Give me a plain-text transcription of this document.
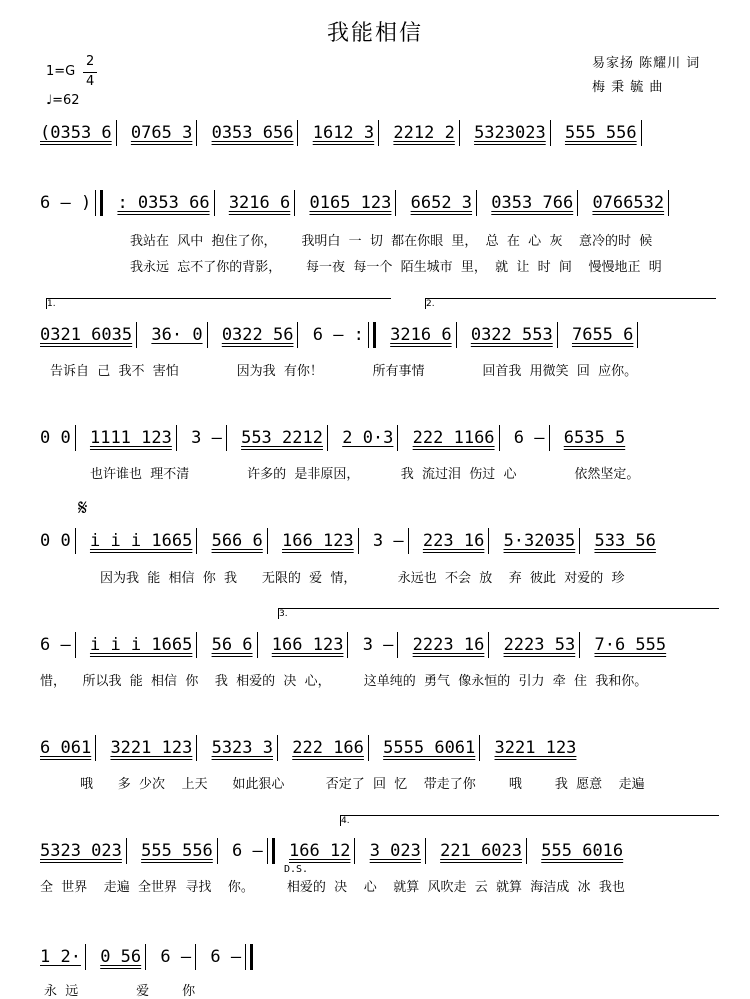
我能相信
1=G
2
4
♩=62
易家扬 陈耀川 词
梅 秉 毓 曲
(0353 6 0765 3 0353 656 1612 3 2212 2 5323023 555 556
6 – ) : 0353 66 3216 6 0165 123 6652 3 0353 766 0766532
我站在  风中  抱住了你，      我明白  一  切  都在你眼  里，  总  在  心  灰    意冷的时  候
我永远  忘不了你的背影，      每一夜  每一个  陌生城市  里，  就  让  时  间    慢慢地正  明
1.	2.
0321 6035 36· 0 0322 56 6 – : 3216 6 0322 553 7655 6
告诉自  己  我不  害怕              因为我  有你！            所有事情              回首我  用微笑  回  应你。
0 0 1111 123 3 – 553 2212 2 0·3 222 1166 6 – 6535 5
也许谁也  理不清              许多的  是非原因，          我  流过泪  伤过  心              依然坚定。
𝄋
0 0 i i i 1665 566 6 166 123 3 – 223 16 5·32035 533 56
因为我  能  相信  你  我      无限的  爱  情，          永远也  不会  放    弃  彼此  对爱的  珍
3.
6 – i i i 1665 56 6 166 123 3 – 2223 16 2223 53 7·6 555
惜，    所以我  能  相信  你    我  相爱的  决  心，        这单纯的  勇气  像永恒的  引力  牵  住  我和你。
6 061 3221 123 5323 3 222 166 5555 6061 3221 123
哦      多  少次    上天      如此狠心          否定了  回  忆    带走了你        哦        我  愿意    走遍
4.
5323 023 555 556 6 – 166 12 3 023 221 6023 555 6016
D.S.
全  世界    走遍  全世界  寻找    你。        相爱的  决    心    就算  风吹走  云  就算  海洁成  冰  我也
1 2· 0 56 6 – 6 –
永  远              爱        你
